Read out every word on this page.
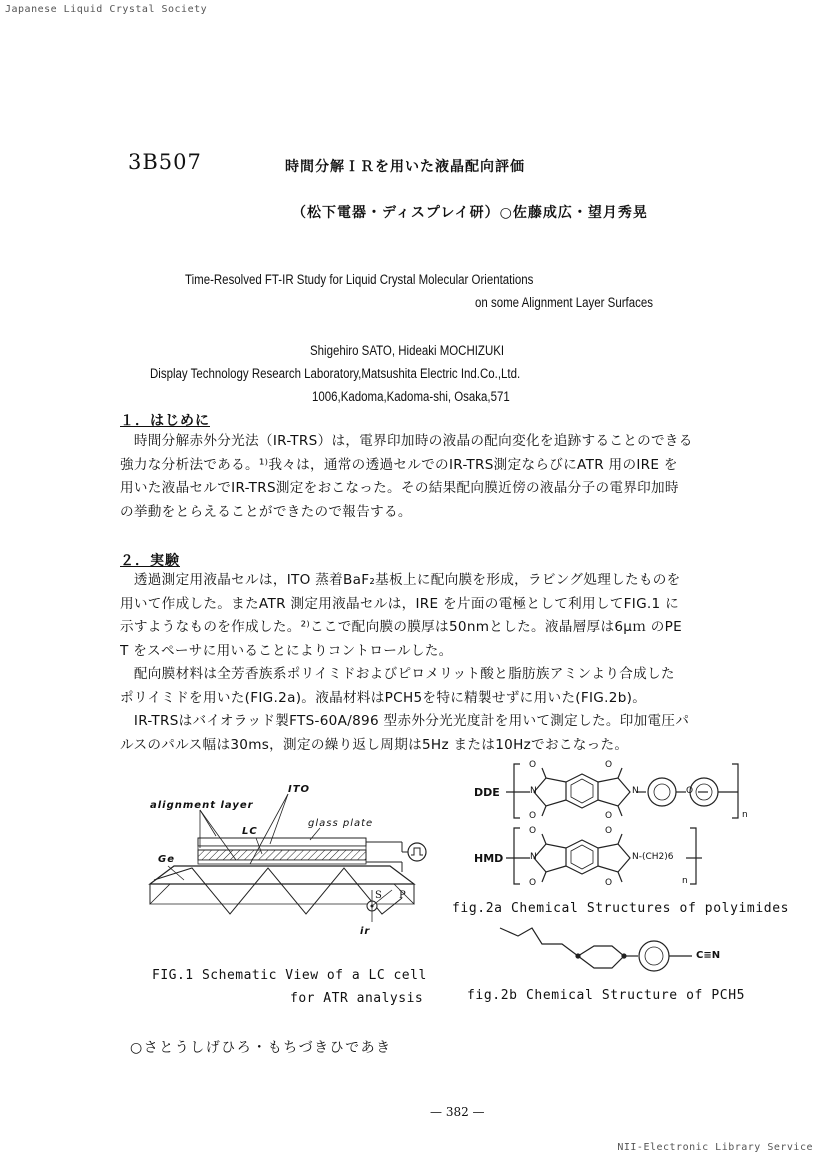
Japanese Liquid Crystal Society
3B507	時間分解ＩＲを用いた液晶配向評価
（松下電器・ディスプレイ研）○佐藤成広・望月秀晃
Time-Resolved FT-IR Study for Liquid Crystal Molecular Orientations
on some Alignment Layer Surfaces
Shigehiro SATO, Hideaki MOCHIZUKI
Display Technology Research Laboratory,Matsushita Electric Ind.Co.,Ltd.
1006,Kadoma,Kadoma-shi, Osaka,571
１．はじめに
　時間分解赤外分光法（IR-TRS）は，電界印加時の液晶の配向変化を追跡することのできる
強力な分析法である。¹⁾我々は，通常の透過セルでのIR-TRS測定ならびにATR 用のIRE を
用いた液晶セルでIR-TRS測定をおこなった。その結果配向膜近傍の液晶分子の電界印加時
の挙動をとらえることができたので報告する。
２．実験
　透過測定用液晶セルは，ITO 蒸着BaF₂基板上に配向膜を形成，ラビング処理したものを
用いて作成した。またATR 測定用液晶セルは，IRE を片面の電極として利用してFIG.1 に
示すようなものを作成した。²⁾ここで配向膜の膜厚は50nmとした。液晶層厚は6μｍ のPE
T をスペーサに用いることによりコントロールした。
　配向膜材料は全芳香族系ポリイミドおよびピロメリット酸と脂肪族アミンより合成した
ポリイミドを用いた(FIG.2a)。液晶材料はPCH5を特に精製せずに用いた(FIG.2b)。
　IR-TRSはバイオラッド製FTS-60A/896 型赤外分光光度計を用いて測定した。印加電圧パ
ルスのパルス幅は30ms，測定の繰り返し周期は5Hz または10Hzでおこなった。
ITO
alignment layer
LC
glass plate
Ge
S P
ir
FIG.1 Schematic View of a LC cell
for ATR analysis
DDE
HMD
O	O
O	O
N	N	O
n
O	O
O	O
N	N-(CH2)6
n
C≡N
fig.2a Chemical Structures of polyimides
fig.2b Chemical Structure of PCH5
○さとうしげひろ・もちづきひであき
— 382 —
NII-Electronic Library Service
